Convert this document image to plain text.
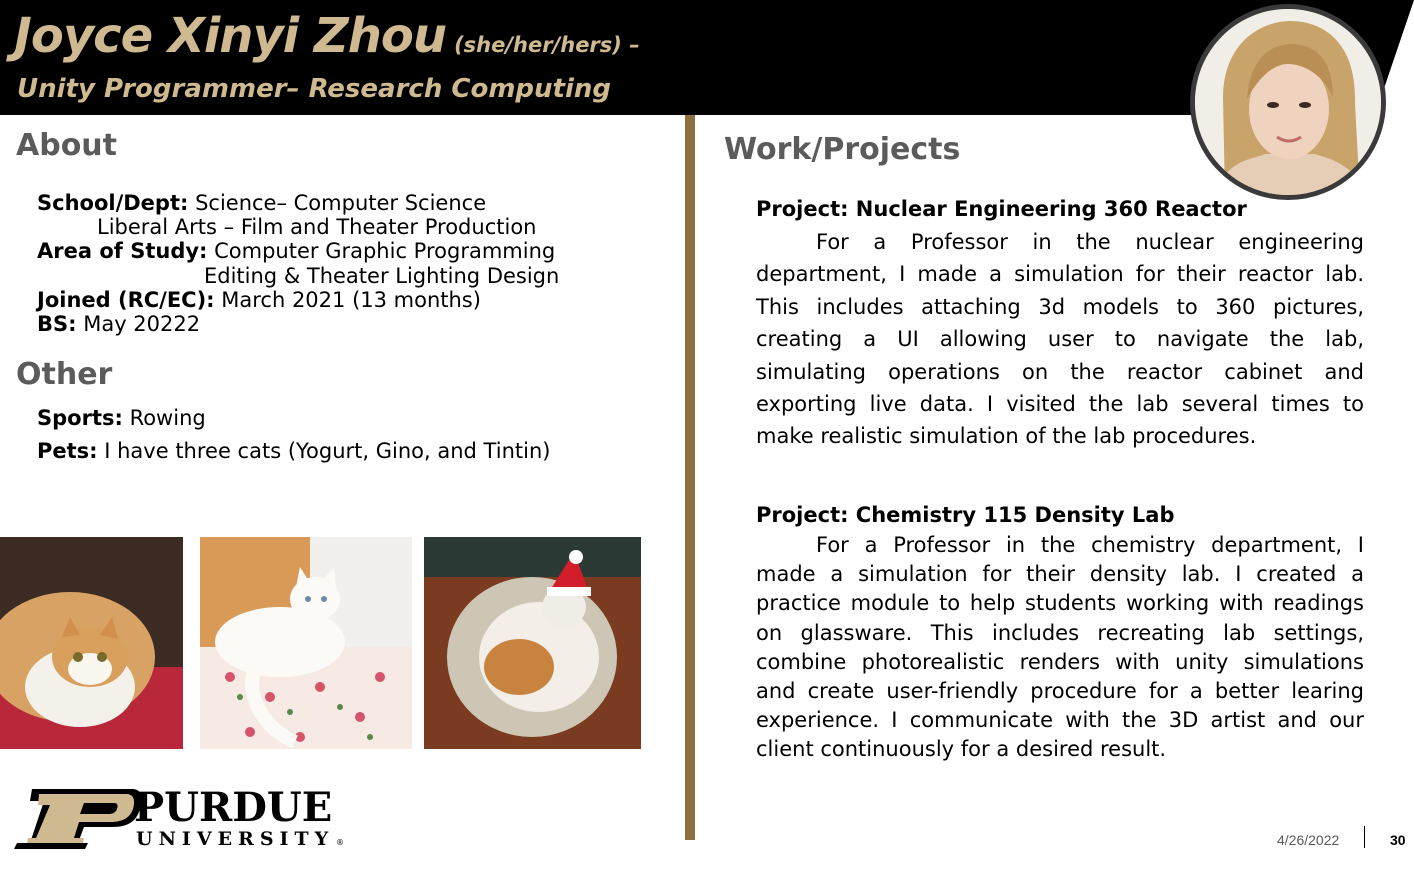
Joyce Xinyi Zhou (she/her/hers) –
Unity Programmer– Research Computing
About
School/Dept: Science– Computer Science
Liberal Arts – Film and Theater Production
Area of Study: Computer Graphic Programming
Editing & Theater Lighting Design
Joined (RC/EC): March 2021 (13 months)
BS: May 20222
Other
Sports: Rowing
Pets: I have three cats (Yogurt, Gino, and Tintin)
Work/Projects
Project: Nuclear Engineering 360 Reactor

For a Professor in the nuclear engineering department, I made a simulation for their reactor lab. This includes attaching 3d models to 360 pictures, creating a UI allowing user to navigate the lab, simulating operations on the reactor cabinet and exporting live data. I visited the lab several times to make realistic simulation of the lab procedures.

Project: Chemistry 115 Density Lab

For a Professor in the chemistry department, I made a simulation for their density lab. I created a practice module to help students working with readings on glassware. This includes recreating lab settings, combine photorealistic renders with unity simulations and create user-friendly procedure for a better learing experience. I communicate with the 3D artist and our client continuously for a desired result.

PURDUE
UNIVERSITY ®	4/26/2022	30
